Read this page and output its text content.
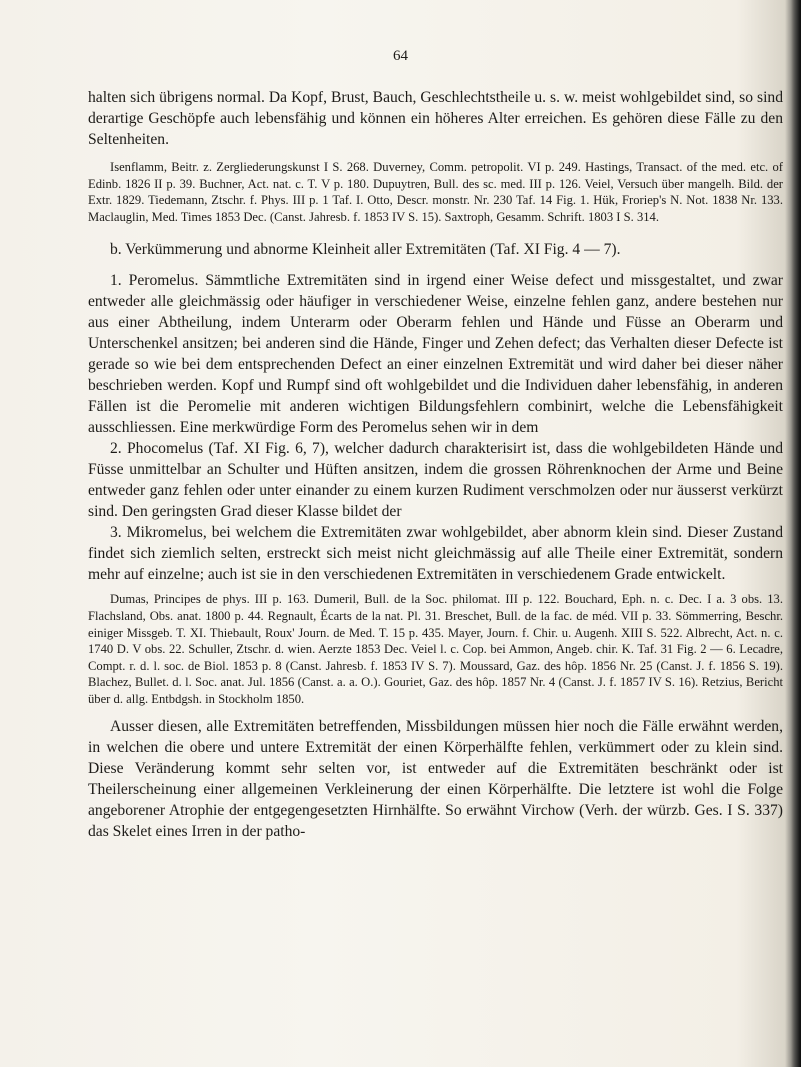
64

halten sich übrigens normal. Da Kopf, Brust, Bauch, Geschlechtstheile u. s. w. meist wohlgebildet sind, so sind derartige Geschöpfe auch lebensfähig und können ein höheres Alter erreichen. Es gehören diese Fälle zu den Seltenheiten.

Isenflamm, Beitr. z. Zergliederungskunst I S. 268. Duverney, Comm. petropolit. VI p. 249. Hastings, Transact. of the med. etc. of Edinb. 1826 II p. 39. Buchner, Act. nat. c. T. V p. 180. Dupuytren, Bull. des sc. med. III p. 126. Veiel, Versuch über mangelh. Bild. der Extr. 1829. Tiedemann, Ztschr. f. Phys. III p. 1 Taf. I. Otto, Descr. monstr. Nr. 230 Taf. 14 Fig. 1. Hük, Froriep's N. Not. 1838 Nr. 133. Maclauglin, Med. Times 1853 Dec. (Canst. Jahresb. f. 1853 IV S. 15). Saxtroph, Gesamm. Schrift. 1803 I S. 314.

b. Verkümmerung und abnorme Kleinheit aller Extremitäten (Taf. XI Fig. 4 — 7).

1. Peromelus. Sämmtliche Extremitäten sind in irgend einer Weise defect und missgestaltet, und zwar entweder alle gleichmässig oder häufiger in verschiedener Weise, einzelne fehlen ganz, andere bestehen nur aus einer Abtheilung, indem Unterarm oder Oberarm fehlen und Hände und Füsse an Oberarm und Unterschenkel ansitzen; bei anderen sind die Hände, Finger und Zehen defect; das Verhalten dieser Defecte ist gerade so wie bei dem entsprechenden Defect an einer einzelnen Extremität und wird daher bei dieser näher beschrieben werden. Kopf und Rumpf sind oft wohlgebildet und die Individuen daher lebensfähig, in anderen Fällen ist die Peromelie mit anderen wichtigen Bildungsfehlern combinirt, welche die Lebensfähigkeit ausschliessen. Eine merkwürdige Form des Peromelus sehen wir in dem

2. Phocomelus (Taf. XI Fig. 6, 7), welcher dadurch charakterisirt ist, dass die wohlgebildeten Hände und Füsse unmittelbar an Schulter und Hüften ansitzen, indem die grossen Röhrenknochen der Arme und Beine entweder ganz fehlen oder unter einander zu einem kurzen Rudiment verschmolzen oder nur äusserst verkürzt sind. Den geringsten Grad dieser Klasse bildet der

3. Mikromelus, bei welchem die Extremitäten zwar wohlgebildet, aber abnorm klein sind. Dieser Zustand findet sich ziemlich selten, erstreckt sich meist nicht gleichmässig auf alle Theile einer Extremität, sondern mehr auf einzelne; auch ist sie in den verschiedenen Extremitäten in verschiedenem Grade entwickelt.

Dumas, Principes de phys. III p. 163. Dumeril, Bull. de la Soc. philomat. III p. 122. Bouchard, Eph. n. c. Dec. I a. 3 obs. 13. Flachsland, Obs. anat. 1800 p. 44. Regnault, Écarts de la nat. Pl. 31. Breschet, Bull. de la fac. de méd. VII p. 33. Sömmerring, Beschr. einiger Missgeb. T. XI. Thiebault, Roux' Journ. de Med. T. 15 p. 435. Mayer, Journ. f. Chir. u. Augenh. XIII S. 522. Albrecht, Act. n. c. 1740 D. V obs. 22. Schuller, Ztschr. d. wien. Aerzte 1853 Dec. Veiel l. c. Cop. bei Ammon, Angeb. chir. K. Taf. 31 Fig. 2 — 6. Lecadre, Compt. r. d. l. soc. de Biol. 1853 p. 8 (Canst. Jahresb. f. 1853 IV S. 7). Moussard, Gaz. des hôp. 1856 Nr. 25 (Canst. J. f. 1856 S. 19). Blachez, Bullet. d. l. Soc. anat. Jul. 1856 (Canst. a. a. O.). Gouriet, Gaz. des hôp. 1857 Nr. 4 (Canst. J. f. 1857 IV S. 16). Retzius, Bericht über d. allg. Entbdgsh. in Stockholm 1850.

Ausser diesen, alle Extremitäten betreffenden, Missbildungen müssen hier noch die Fälle erwähnt werden, in welchen die obere und untere Extremität der einen Körperhälfte fehlen, verkümmert oder zu klein sind. Diese Veränderung kommt sehr selten vor, ist entweder auf die Extremitäten beschränkt oder ist Theilerscheinung einer allgemeinen Verkleinerung der einen Körperhälfte. Die letztere ist wohl die Folge angeborener Atrophie der entgegengesetzten Hirnhälfte. So erwähnt Virchow (Verh. der würzb. Ges. I S. 337) das Skelet eines Irren in der patho-
